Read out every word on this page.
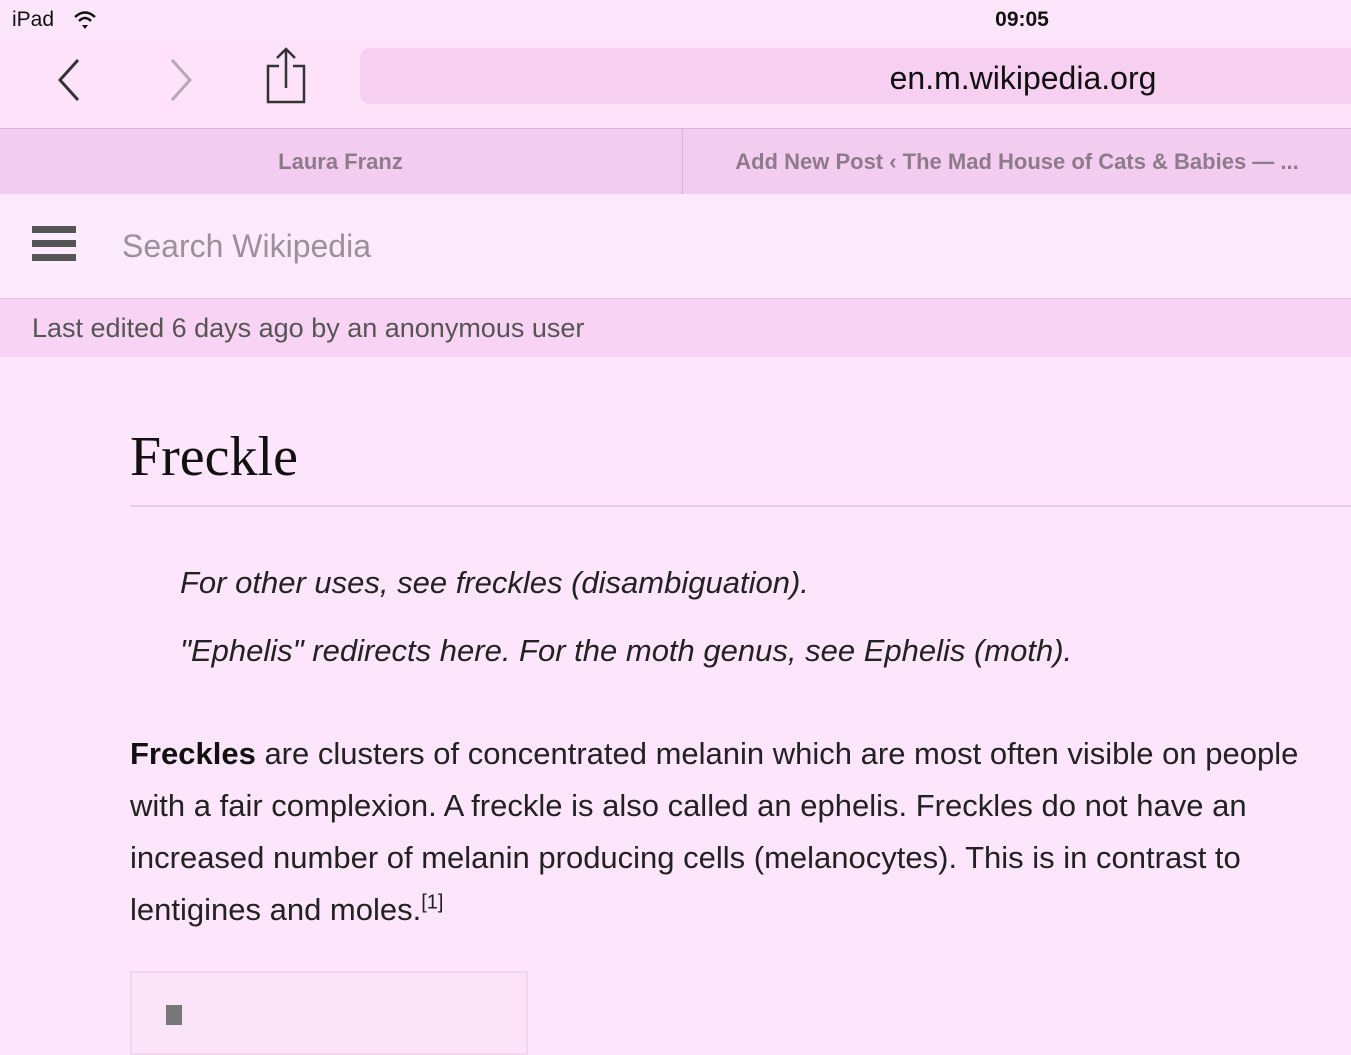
iPad	09:05
en.m.wikipedia.org
Laura Franz	Add New Post ‹ The Mad House of Cats & Babies — ...
Search Wikipedia
Last edited 6 days ago by an anonymous user
Freckle
For other uses, see freckles (disambiguation).
"Ephelis" redirects here. For the moth genus, see Ephelis (moth).

Freckles are clusters of concentrated melanin which are most often visible on people with a fair complexion. A freckle is also called an ephelis. Freckles do not have an increased number of melanin producing cells (melanocytes). This is in contrast to lentigines and moles.[1]
